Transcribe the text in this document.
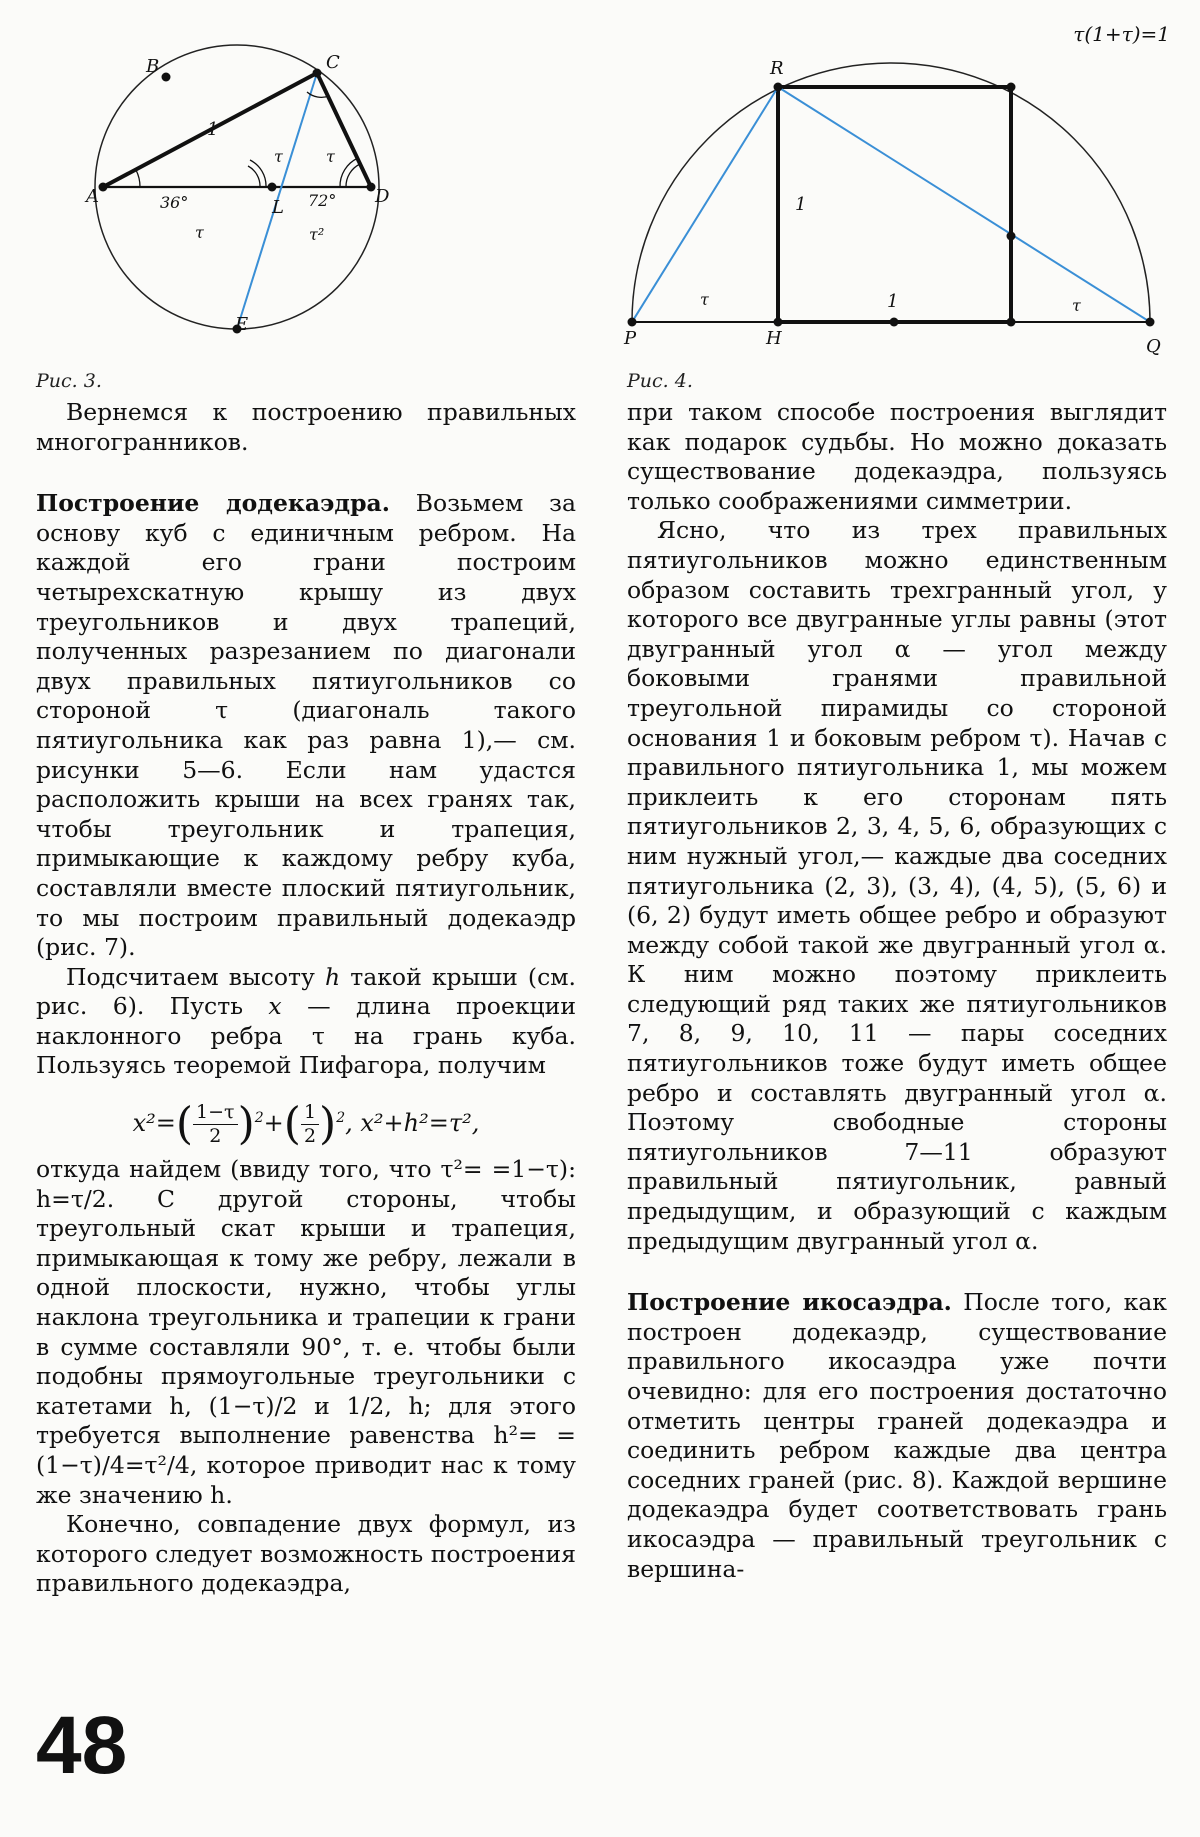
τ(1+τ)=1
B	C
A	D
L
E
1
τ	τ
36°	72°
τ	τ²
Рис. 3.
R
P	H	Q
1
τ	1	τ
Рис. 4.

Вернемся к построению правильных многогранников.

Построение додекаэдра. Возьмем за основу куб с единичным ребром. На каждой его грани построим четырехскатную крышу из двух треугольников и двух трапеций, полученных разрезанием по диагонали двух правильных пятиугольников со стороной τ (диагональ такого пятиугольника как раз равна 1),— см. рисунки 5—6. Если нам удастся расположить крыши на всех гранях так, чтобы треугольник и трапеция, примыкающие к каждому ребру куба, составляли вместе плоский пятиугольник, то мы построим правильный додекаэдр (рис. 7).

Подсчитаем высоту h такой крыши (см. рис. 6). Пусть x — длина проекции наклонного ребр⁠а τ на грань куба. Пользуясь теоремой Пифагора, получим

$x^2=( \frac{1-\tau}{2} )^2+( \frac{1}{2} )^2$, x²+h²=τ²,

откуда найдем (ввиду того, что τ²= =1−τ): h=τ/2. С другой стороны, чтобы треугольный скат крыши и трапеция, примыкающая к тому же ребру, лежали в одной плоскости, нужно, чтобы углы наклона треугольника и трапеции к грани в сумме составляли 90°, т. е. чтобы были подобны прямоугольные треугольники с катетами h, (1−τ)/2 и 1/2, h; для этого требуется выполнение равенства h²= =(1−τ)/4=τ²/4, которое приводит нас к тому же значению h.

Конечно, совпадение двух формул, из которого следует возможность построения правильного додекаэдра,

при таком способе построения выглядит как подарок судьбы. Но можно доказать существование додекаэдра, пользуясь только соображениями симметрии.

Ясно, что из трех правильных пятиугольников можно единственным образом составить трехгранный угол, у которого все двугранные углы равны (этот двугранный угол α — угол между боковыми гранями правильной треугольной пирамиды со стороной основания 1 и боковым ребром τ). Начав с правильного пятиугольника 1, мы можем приклеить к его сторонам пять пятиугольников 2, 3, 4, 5, 6, образующих с ним нужный угол,— каждые два соседних пятиугольника (2, 3), (3, 4), (4, 5), (5, 6) и (6, 2) будут иметь общее ребро и образуют между собой такой же двугранный угол α. К ним можно поэтому приклеить следующий ряд таких же пятиугольников 7, 8, 9, 10, 11 — пары соседних пятиугольников тоже будут иметь общее ребро и составлять двугранный угол α. Поэтому свободные стороны пятиугольников 7—11 образуют правильный пятиугольник, равный предыдущим, и образующий с каждым предыдущим двугранный угол α.

Построение икосаэдра. После того, как построен додекаэдр, существование правильного икосаэдра уже почти очевидно: для его построения достаточно отметить центры граней додекаэдра и соединить ребром каждые два центра соседних граней (рис. 8). Каждой вершине додекаэдра будет соответствовать грань икосаэдра — правильный треугольник с вершина-

48
